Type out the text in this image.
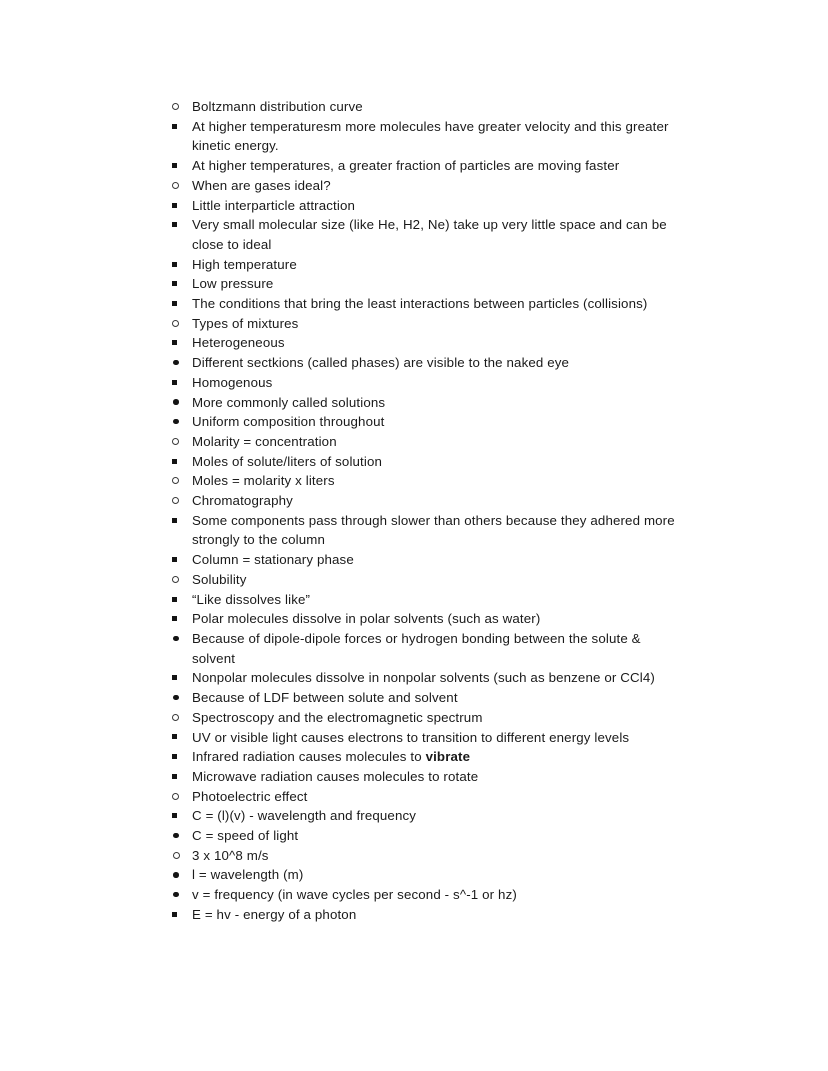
Boltzmann distribution curve
At higher temperaturesm more molecules have greater velocity and this greater kinetic energy.
At higher temperatures, a greater fraction of particles are moving faster
When are gases ideal?
Little interparticle attraction
Very small molecular size (like He, H2, Ne) take up very little space and can be close to ideal
High temperature
Low pressure
The conditions that bring the least interactions between particles (collisions)
Types of mixtures
Heterogeneous
Different sectkions (called phases) are visible to the naked eye
Homogenous
More commonly called solutions
Uniform composition throughout
Molarity = concentration
Moles of solute/liters of solution
Moles = molarity x liters
Chromatography
Some components pass through slower than others because they adhered more strongly to the column
Column = stationary phase
Solubility
“Like dissolves like”
Polar molecules dissolve in polar solvents (such as water)
Because of dipole-dipole forces or hydrogen bonding between the solute & solvent
Nonpolar molecules dissolve in nonpolar solvents (such as benzene or CCl4)
Because of LDF between solute and solvent
Spectroscopy and the electromagnetic spectrum
UV or visible light causes electrons to transition to different energy levels
Infrared radiation causes molecules to vibrate
Microwave radiation causes molecules to rotate
Photoelectric effect
C = (l)(v) - wavelength and frequency
C = speed of light
3 x 10^8 m/s
l = wavelength (m)
v = frequency (in wave cycles per second - s^-1 or hz)
E = hv - energy of a photon
